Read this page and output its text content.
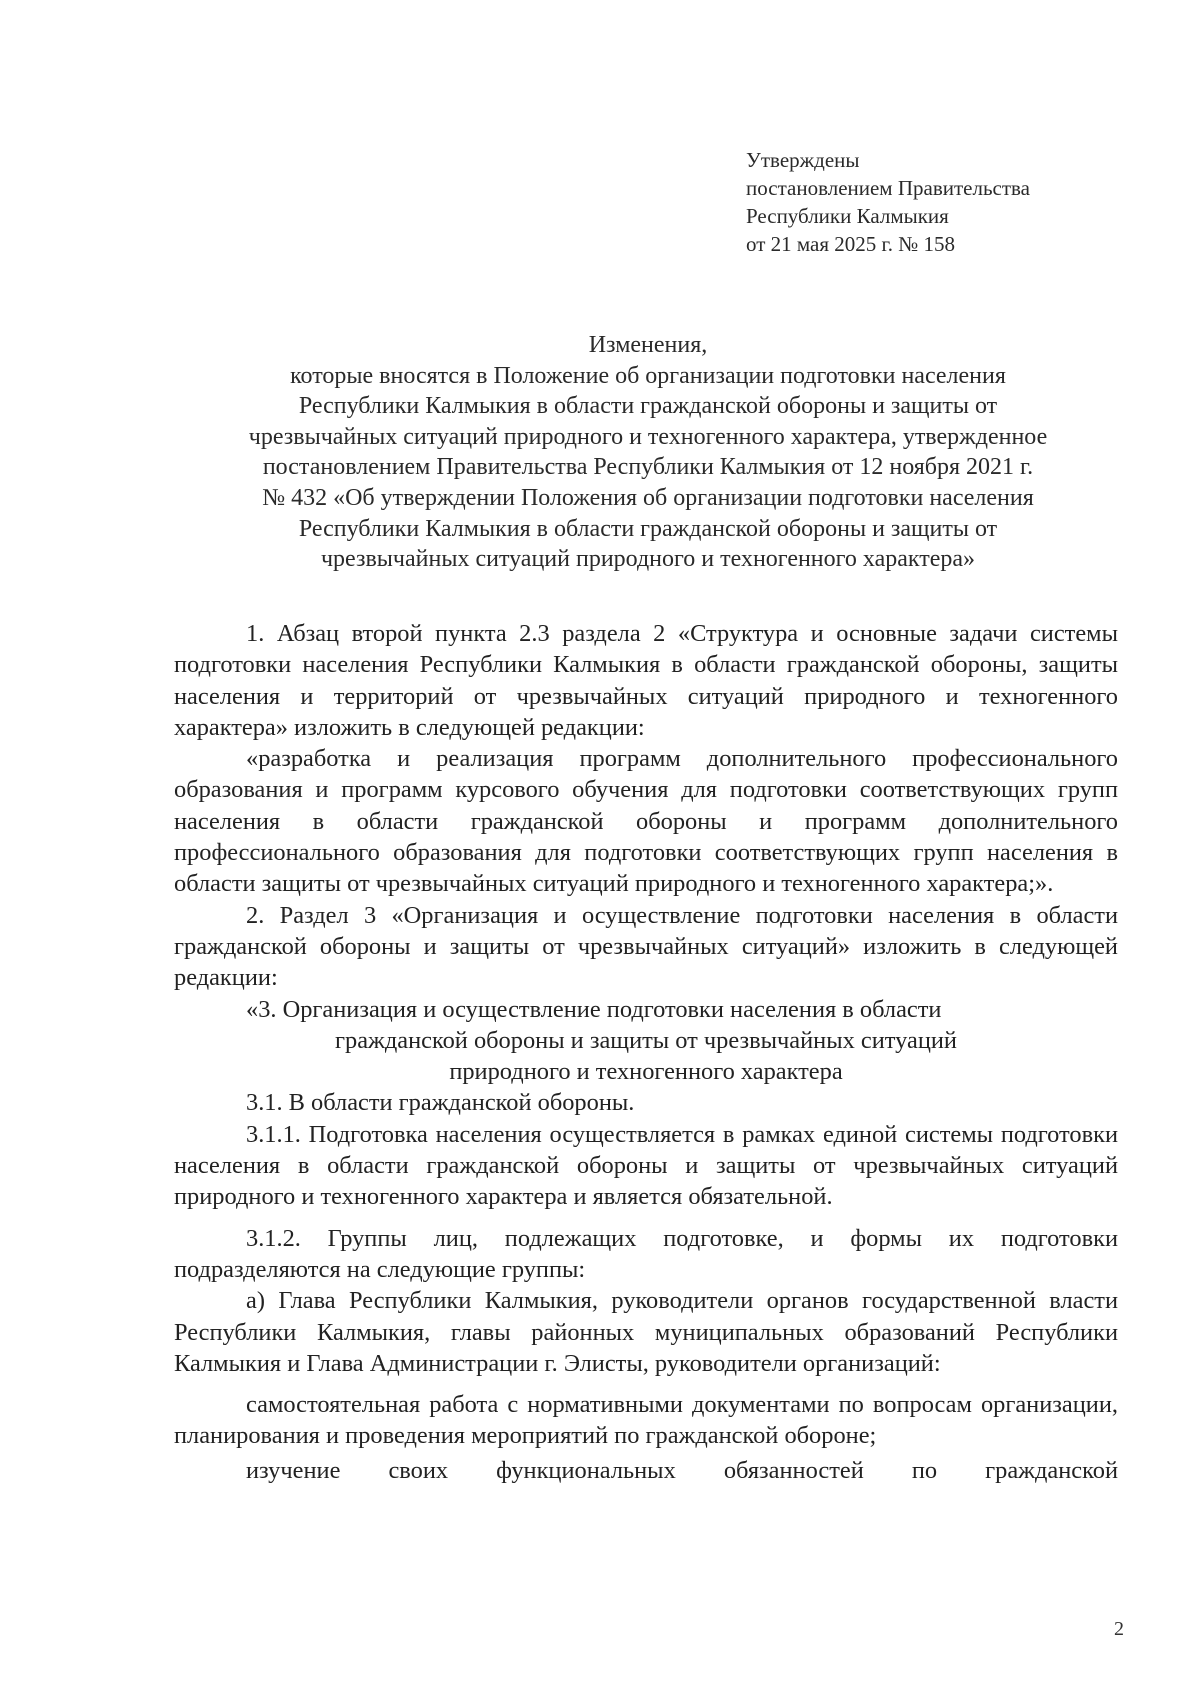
Утверждены
постановлением Правительства
Республики Калмыкия
от 21 мая 2025 г. № 158
Изменения,
которые вносятся в Положение об организации подготовки населения
Республики Калмыкия в области гражданской обороны и защиты от
чрезвычайных ситуаций природного и техногенного характера, утвержденное
постановлением Правительства Республики Калмыкия от 12 ноября 2021 г.
№ 432 «Об утверждении Положения об организации подготовки населения
Республики Калмыкия в области гражданской обороны и защиты от
чрезвычайных ситуаций природного и техногенного характера»

1. Абзац второй пункта 2.3 раздела 2 «Структура и основные задачи системы подготовки населения Республики Калмыкия в области гражданской обороны, защиты населения и территорий от чрезвычайных ситуаций природного и техногенного характера» изложить в следующей редакции:

«разработка и реализация программ дополнительного профессионального образования и программ курсового обучения для подготовки соответствующих групп населения в области гражданской обороны и программ дополнительного профессионального образования для подготовки соответствующих групп населения в области защиты от чрезвычайных ситуаций природного и техногенного характера;».

2. Раздел 3 «Организация и осуществление подготовки населения в области гражданской обороны и защиты от чрезвычайных ситуаций» изложить в следующей редакции:

«3. Организация и осуществление подготовки населения в области

гражданской обороны и защиты от чрезвычайных ситуаций

природного и техногенного характера

3.1. В области гражданской обороны.

3.1.1. Подготовка населения осуществляется в рамках единой системы подготовки населения в области гражданской обороны и защиты от чрезвычайных ситуаций природного и техногенного характера и является обязательной.

3.1.2. Группы лиц, подлежащих подготовке, и формы их подготовки подразделяются на следующие группы:

а) Глава Республики Калмыкия, руководители органов государственной власти Республики Калмыкия, главы районных муниципальных образований Республики Калмыкия и Глава Администрации г. Элисты, руководители организаций:

самостоятельная работа с нормативными документами по вопросам организации, планирования и проведения мероприятий по гражданской обороне;

изучение своих функциональных обязанностей по гражданской

2
